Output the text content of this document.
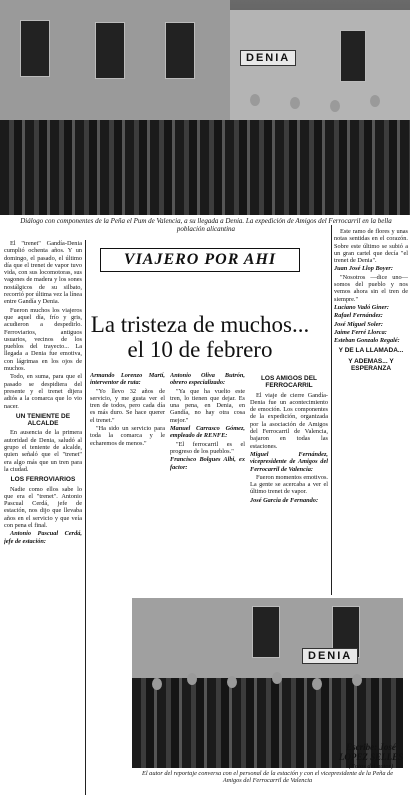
DENIA
Diálogo con componentes de la Peña el Pum de Valencia, a su llegada a Denia. La expedición de Amigos del Ferrocarril en la bella población alicantina

El "trenet" Gandía-Denia cumplió ochenta años. Y un domingo, el pasado, el último día que el trenet de vapor tuvo vida, con sus locomotoras, sus vagones de madera y los sones nostálgicos de su silbato, recorrió por última vez la línea entre Gandía y Denia.

Fueron muchos los viajeros que aquel día, frío y gris, acudieron a despedirlo. Ferroviarios, antiguos usuarios, vecinos de los pueblos del trayecto... La llegada a Denia fue emotiva, con lágrimas en los ojos de muchos.

Todo, en suma, para que el pasado se despidiera del presente y el trenet dijera adiós a la comarca que lo vio nacer.

UN TENIENTE DE ALCALDE

En ausencia de la primera autoridad de Denia, saludó al grupo el teniente de alcalde, quien señaló que el "trenet" era algo más que un tren para la ciudad.

LOS FERROVIARIOS

Nadie como ellos sabe lo que era el "trenet". Antonio Pascual Cerdá, jefe de estación, nos dijo que llevaba años en el servicio y que veía con pena el final.

Antonio Pascual Cerdá, jefe de estación:

VIAJERO POR AHI
La tristeza de muchos... el 10 de febrero

Armando Lorenzo Martí, interventor de ruta:

"Yo llevo 32 años de servicio, y me gusta ver el tren de todos, pero cada día es más duro. Se hace querer el trenet."

"Ha sido un servicio para toda la comarca y le echaremos de menos."

Antonio Oliva Butrón, obrero especializado:

"Ya que ha vuelto este tren, lo tienen que dejar. Es una pena, en Denia, en Gandía, no hay otra cosa mejor."

Manuel Carrasco Gómez, empleado de RENFE:

"El ferrocarril es el progreso de los pueblos."

Francisco Bolgues Albi, ex factor:

LOS AMIGOS DEL FERROCARRIL

El viaje de cierre Gandía-Denia fue un acontecimiento de emoción. Los componentes de la expedición, organizada por la asociación de Amigos del Ferrocarril de Valencia, bajaron en todas las estaciones.

Miguel Fernández, vicepresidente de Amigos del Ferrocarril de Valencia:

Fueron momentos emotivos. La gente se acercaba a ver el último trenet de vapor.

José Garcia de Fernando:

Este ramo de flores y unas notas sentidas en el corazón. Sobre este último se subió a un gran cartel que decía "el trenet de Denia".

Juan José Llop Boyer:

"Nosotros —dice uno— somos del pueblo y nos vemos ahora sin el tren de siempre."

Luciano Vadó Giner:

Rafael Fernández:

José Miguel Soler:

Jaime Ferré Llorca:

Esteban Gonzalo Regalé:

Y DE LA LLAMADA...
Y ADEMAS... Y ESPERANZA
DENIA
El autor del reportaje conversa con el personal de la estación y con el vicepresidente de la Peña de Amigos del Ferrocarril de Valencia
Escribe: José
LOPEZ SELLES
(Fotos del autor)
